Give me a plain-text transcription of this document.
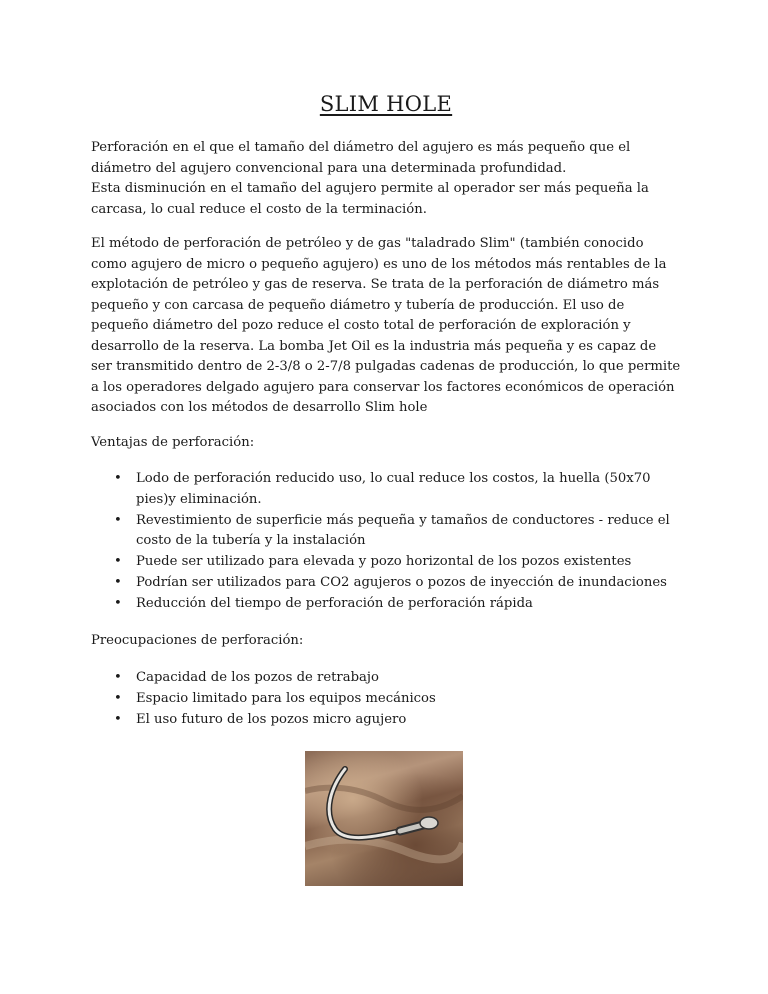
SLIM HOLE

Perforación en el que el tamaño del diámetro del agujero es más pequeño que el diámetro del agujero convencional para una determinada profundidad.
Esta disminución en el tamaño del agujero permite al operador ser más pequeña la carcasa, lo cual reduce el costo de la terminación.

El método de perforación de petróleo y de gas "taladrado Slim" (también conocido como agujero de micro o pequeño agujero) es uno de los métodos más rentables de la explotación de petróleo y gas de reserva. Se trata de la perforación de diámetro más pequeño y con carcasa de pequeño diámetro y tubería de producción. El uso de pequeño diámetro del pozo reduce el costo total de perforación de exploración y desarrollo de la reserva. La bomba Jet Oil es la industria más pequeña y es capaz de ser transmitido dentro de 2-3/8 o 2-7/8 pulgadas cadenas de producción, lo que permite a los operadores delgado agujero para conservar los factores económicos de operación asociados con los métodos de desarrollo Slim hole

Ventajas de perforación:

• Lodo de perforación reducido uso, lo cual reduce los costos, la huella (50x70 pies)y eliminación.
• Revestimiento de superficie más pequeña y tamaños de conductores - reduce el costo de la tubería y la instalación
• Puede ser utilizado para elevada y pozo horizontal de los pozos existentes
• Podrían ser utilizados para CO2 agujeros o pozos de inyección de inundaciones
• Reducción del tiempo de perforación de perforación rápida

Preocupaciones de perforación:

• Capacidad de los pozos de retrabajo
• Espacio limitado para los equipos mecánicos
• El uso futuro de los pozos micro agujero
